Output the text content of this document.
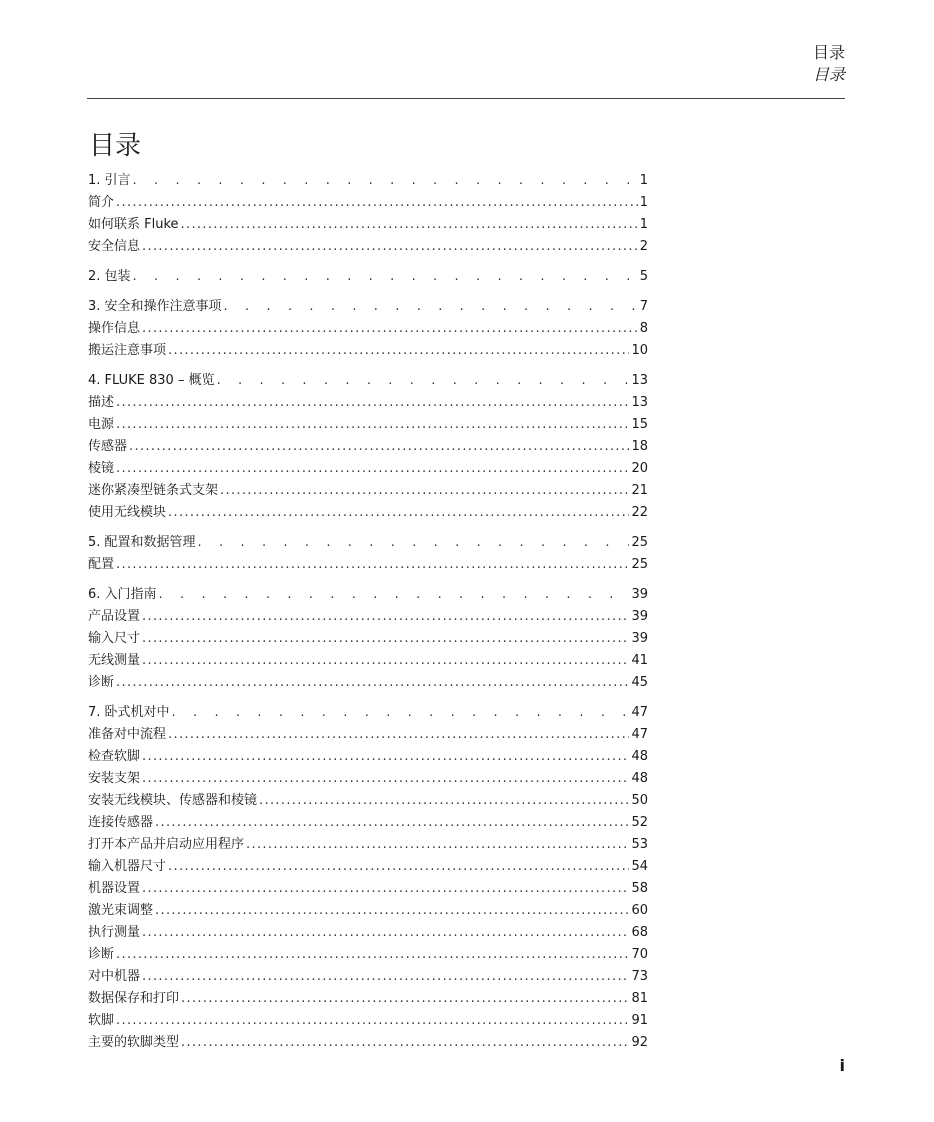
目录
目录
目录
1. 引言 . . .	1
简介 . . .	1
如何联系 Fluke . . .	1
安全信息 . . .	2
2. 包装 . . .	5
3. 安全和操作注意事项 . . .	7
操作信息 . . .	8
搬运注意事项 . . .	10
4. FLUKE 830 – 概览 . . .	13
描述 . . .	13
电源 . . .	15
传感器 . . .	18
棱镜 . . .	20
迷你紧凑型链条式支架 . . .	21
使用无线模块 . . .	22
5. 配置和数据管理 . . .	25
配置 . . .	25
6. 入门指南 . . .	39
产品设置 . . .	39
输入尺寸 . . .	39
无线测量 . . .	41
诊断 . . .	45
7. 卧式机对中 . . .	47
准备对中流程 . . .	47
检查软脚 . . .	48
安装支架 . . .	48
安装无线模块、传感器和棱镜 . . .	50
连接传感器 . . .	52
打开本产品并启动应用程序 . . .	53
输入机器尺寸 . . .	54
机器设置 . . .	58
激光束调整 . . .	60
执行测量 . . .	68
诊断 . . .	70
对中机器 . . .	73
数据保存和打印 . . .	81
软脚 . . .	91
主要的软脚类型 . . .	92
i
